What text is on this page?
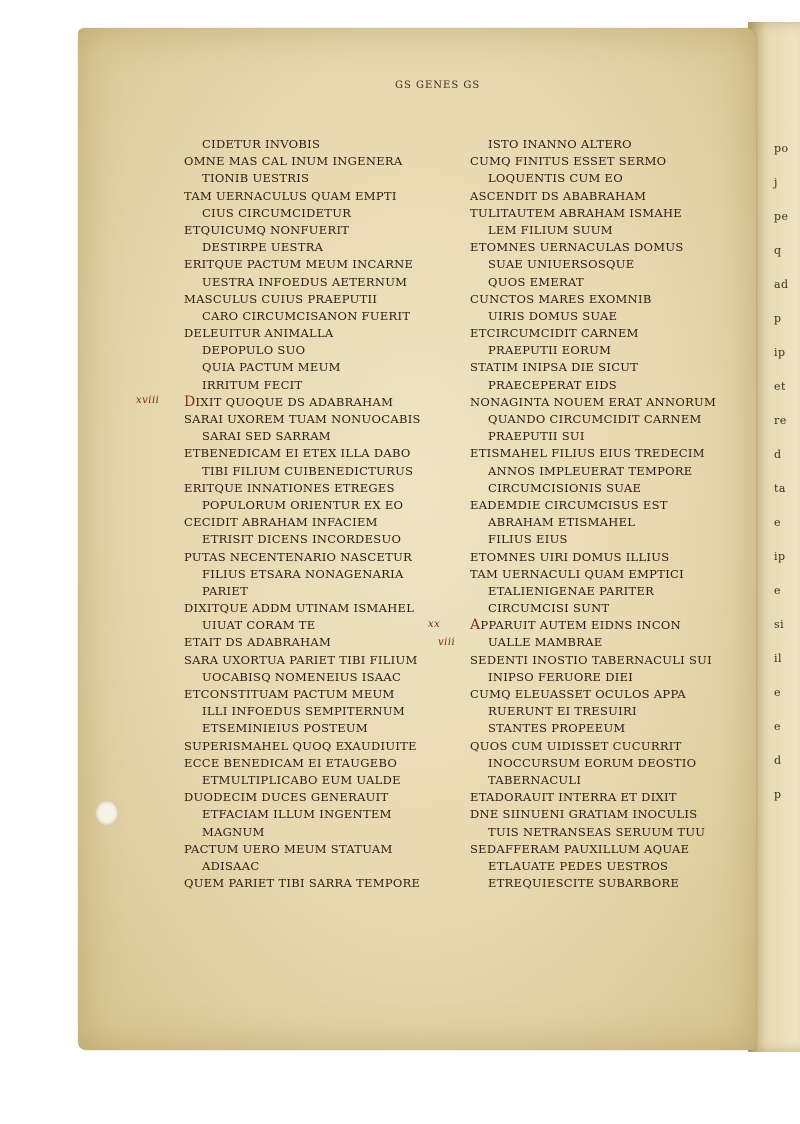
po
j
pe
q
ad
p
ip
et
re
d
ta
e
ip
e
si
il
e
e
d
p
GS GENES GS
xviii
xx
viii
CIDETUR INVOBIS
OMNE MAS CAL INUM INGENERA
TIONIB UESTRIS
TAM UERNACULUS QUAM EMPTI
CIUS CIRCUMCIDETUR
ETQUICUMQ NONFUERIT
DESTIRPE UESTRA
ERITQUE PACTUM MEUM INCARNE
UESTRA INFOEDUS AETERNUM
MASCULUS CUIUS PRAEPUTII
CARO CIRCUMCISANON FUERIT
DELEUITUR ANIMALLA
DEPOPULO SUO
QUIA PACTUM MEUM
IRRITUM FECIT
DIXIT QUOQUE DS ADABRAHAM
SARAI UXOREM TUAM NONUOCABIS
SARAI SED SARRAM
ETBENEDICAM EI ETEX ILLA DABO
TIBI FILIUM CUIBENEDICTURUS
ERITQUE INNATIONES ETREGES
POPULORUM ORIENTUR EX EO
CECIDIT ABRAHAM INFACIEM
ETRISIT DICENS INCORDESUO
PUTAS NECENTENARIO NASCETUR
FILIUS ETSARA NONAGENARIA
PARIET
DIXITQUE ADDM UTINAM ISMAHEL
UIUAT CORAM TE
ETAIT DS ADABRAHAM
SARA UXORTUA PARIET TIBI FILIUM
UOCABISQ NOMENEIUS ISAAC
ETCONSTITUAM PACTUM MEUM
ILLI INFOEDUS SEMPITERNUM
ETSEMINIEIUS POSTEUM
SUPERISMAHEL QUOQ EXAUDIUITE
ECCE BENEDICAM EI ETAUGEBO
ETMULTIPLICABO EUM UALDE
DUODECIM DUCES GENERAUIT
ETFACIAM ILLUM INGENTEM
MAGNUM
PACTUM UERO MEUM STATUAM
ADISAAC
QUEM PARIET TIBI SARRA TEMPORE
ISTO INANNO ALTERO
CUMQ FINITUS ESSET SERMO
LOQUENTIS CUM EO
ASCENDIT DS ABABRAHAM
TULITAUTEM ABRAHAM ISMAHE
LEM FILIUM SUUM
ETOMNES UERNACULAS DOMUS
SUAE UNIUERSOSQUE
QUOS EMERAT
CUNCTOS MARES EXOMNIB
UIRIS DOMUS SUAE
ETCIRCUMCIDIT CARNEM
PRAEPUTII EORUM
STATIM INIPSA DIE SICUT
PRAECEPERAT EIDS
NONAGINTA NOUEM ERAT ANNORUM
QUANDO CIRCUMCIDIT CARNEM
PRAEPUTII SUI
ETISMAHEL FILIUS EIUS TREDECIM
ANNOS IMPLEUERAT TEMPORE
CIRCUMCISIONIS SUAE
EADEMDIE CIRCUMCISUS EST
ABRAHAM ETISMAHEL
FILIUS EIUS
ETOMNES UIRI DOMUS ILLIUS
TAM UERNACULI QUAM EMPTICI
ETALIENIGENAE PARITER
CIRCUMCISI SUNT
APPARUIT AUTEM EIDNS INCON
UALLE MAMBRAE
SEDENTI INOSTIO TABERNACULI SUI
INIPSO FERUORE DIEI
CUMQ ELEUASSET OCULOS APPA
RUERUNT EI TRESUIRI
STANTES PROPEEUM
QUOS CUM UIDISSET CUCURRIT
INOCCURSUM EORUM DEOSTIO
TABERNACULI
ETADORAUIT INTERRA ET DIXIT
DNE SIINUENI GRATIAM INOCULIS
TUIS NETRANSEAS SERUUM TUU
SEDAFFERAM PAUXILLUM AQUAE
ETLAUATE PEDES UESTROS
ETREQUIESCITE SUBARBORE
